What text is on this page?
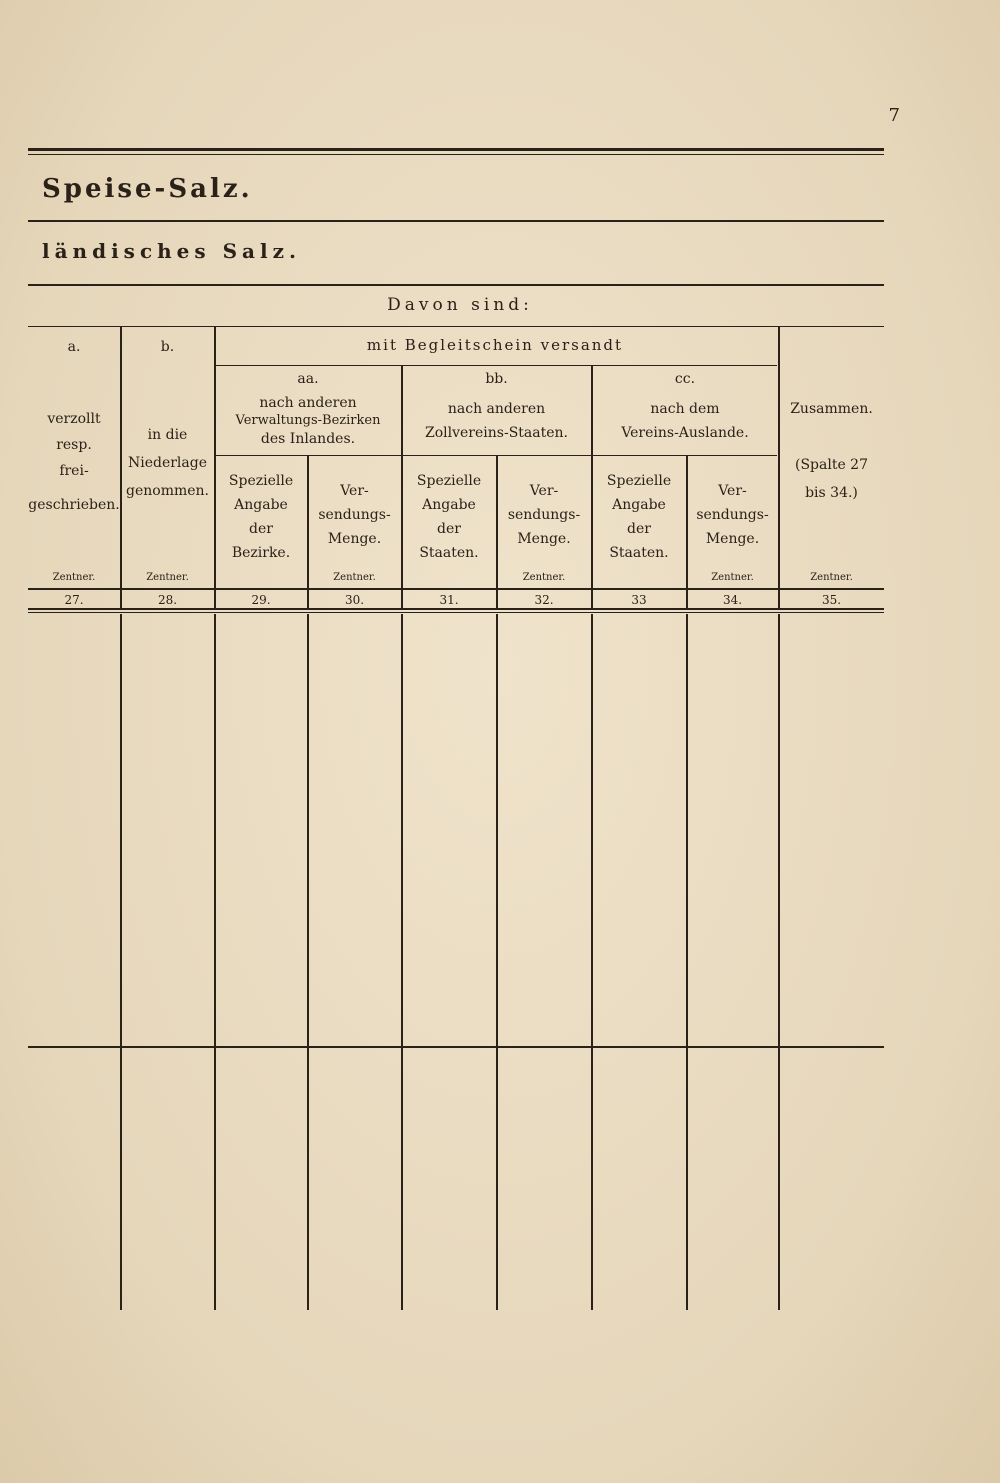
7
Speise-Salz.
ländisches Salz.
Davon sind:
mit Begleitschein versandt
a.
verzollt
resp.
frei-
geschrieben.
Zentner.
27.
b.
in die
Niederlage
genommen.
Zentner.
28.
aa.
nach anderen
Verwaltungs-Bezirken
des Inlandes.
bb.
nach anderen
Zollvereins-Staaten.
cc.
nach dem
Vereins-Auslande.
Spezielle
Angabe
der
Bezirke.
29.
Ver-
sendungs-
Menge.
Zentner.
30.
Spezielle
Angabe
der
Staaten.
31.
Ver-
sendungs-
Menge.
Zentner.
32.
Spezielle
Angabe
der
Staaten.
33
Ver-
sendungs-
Menge.
Zentner.
34.
Zusammen.
(Spalte 27
bis 34.)
Zentner.
35.
